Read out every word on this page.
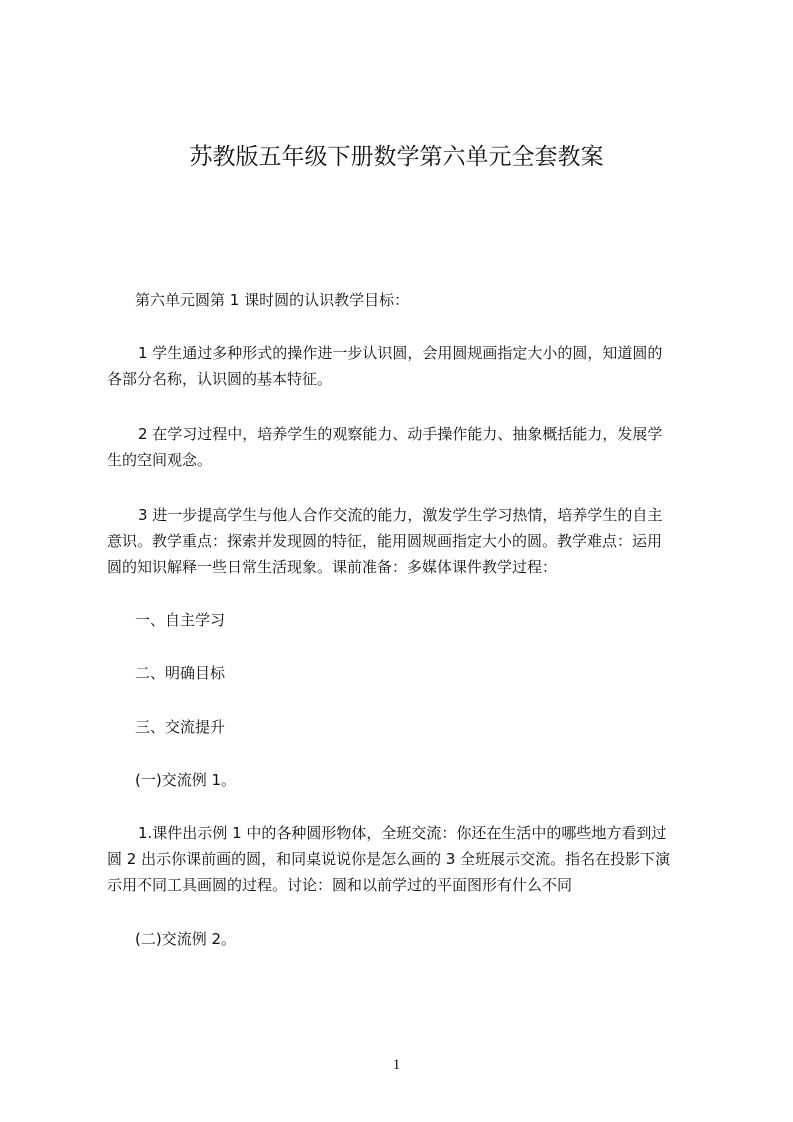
苏教版五年级下册数学第六单元全套教案
第六单元圆第 1 课时圆的认识教学目标：
1 学生通过多种形式的操作进一步认识圆，会用圆规画指定大小的圆，知道圆的
各部分名称，认识圆的基本特征。
2 在学习过程中，培养学生的观察能力、动手操作能力、抽象概括能力，发展学
生的空间观念。
3 进一步提高学生与他人合作交流的能力，激发学生学习热情，培养学生的自主
意识。教学重点：探索并发现圆的特征，能用圆规画指定大小的圆。教学难点：运用
圆的知识解释一些日常生活现象。课前准备：多媒体课件教学过程：
一、自主学习
二、明确目标
三、交流提升
(一)交流例 1。
1.课件出示例 1 中的各种圆形物体，全班交流：你还在生活中的哪些地方看到过
圆 2 出示你课前画的圆，和同桌说说你是怎么画的 3 全班展示交流。指名在投影下演
示用不同工具画圆的过程。讨论：圆和以前学过的平面图形有什么不同
(二)交流例 2。
1
